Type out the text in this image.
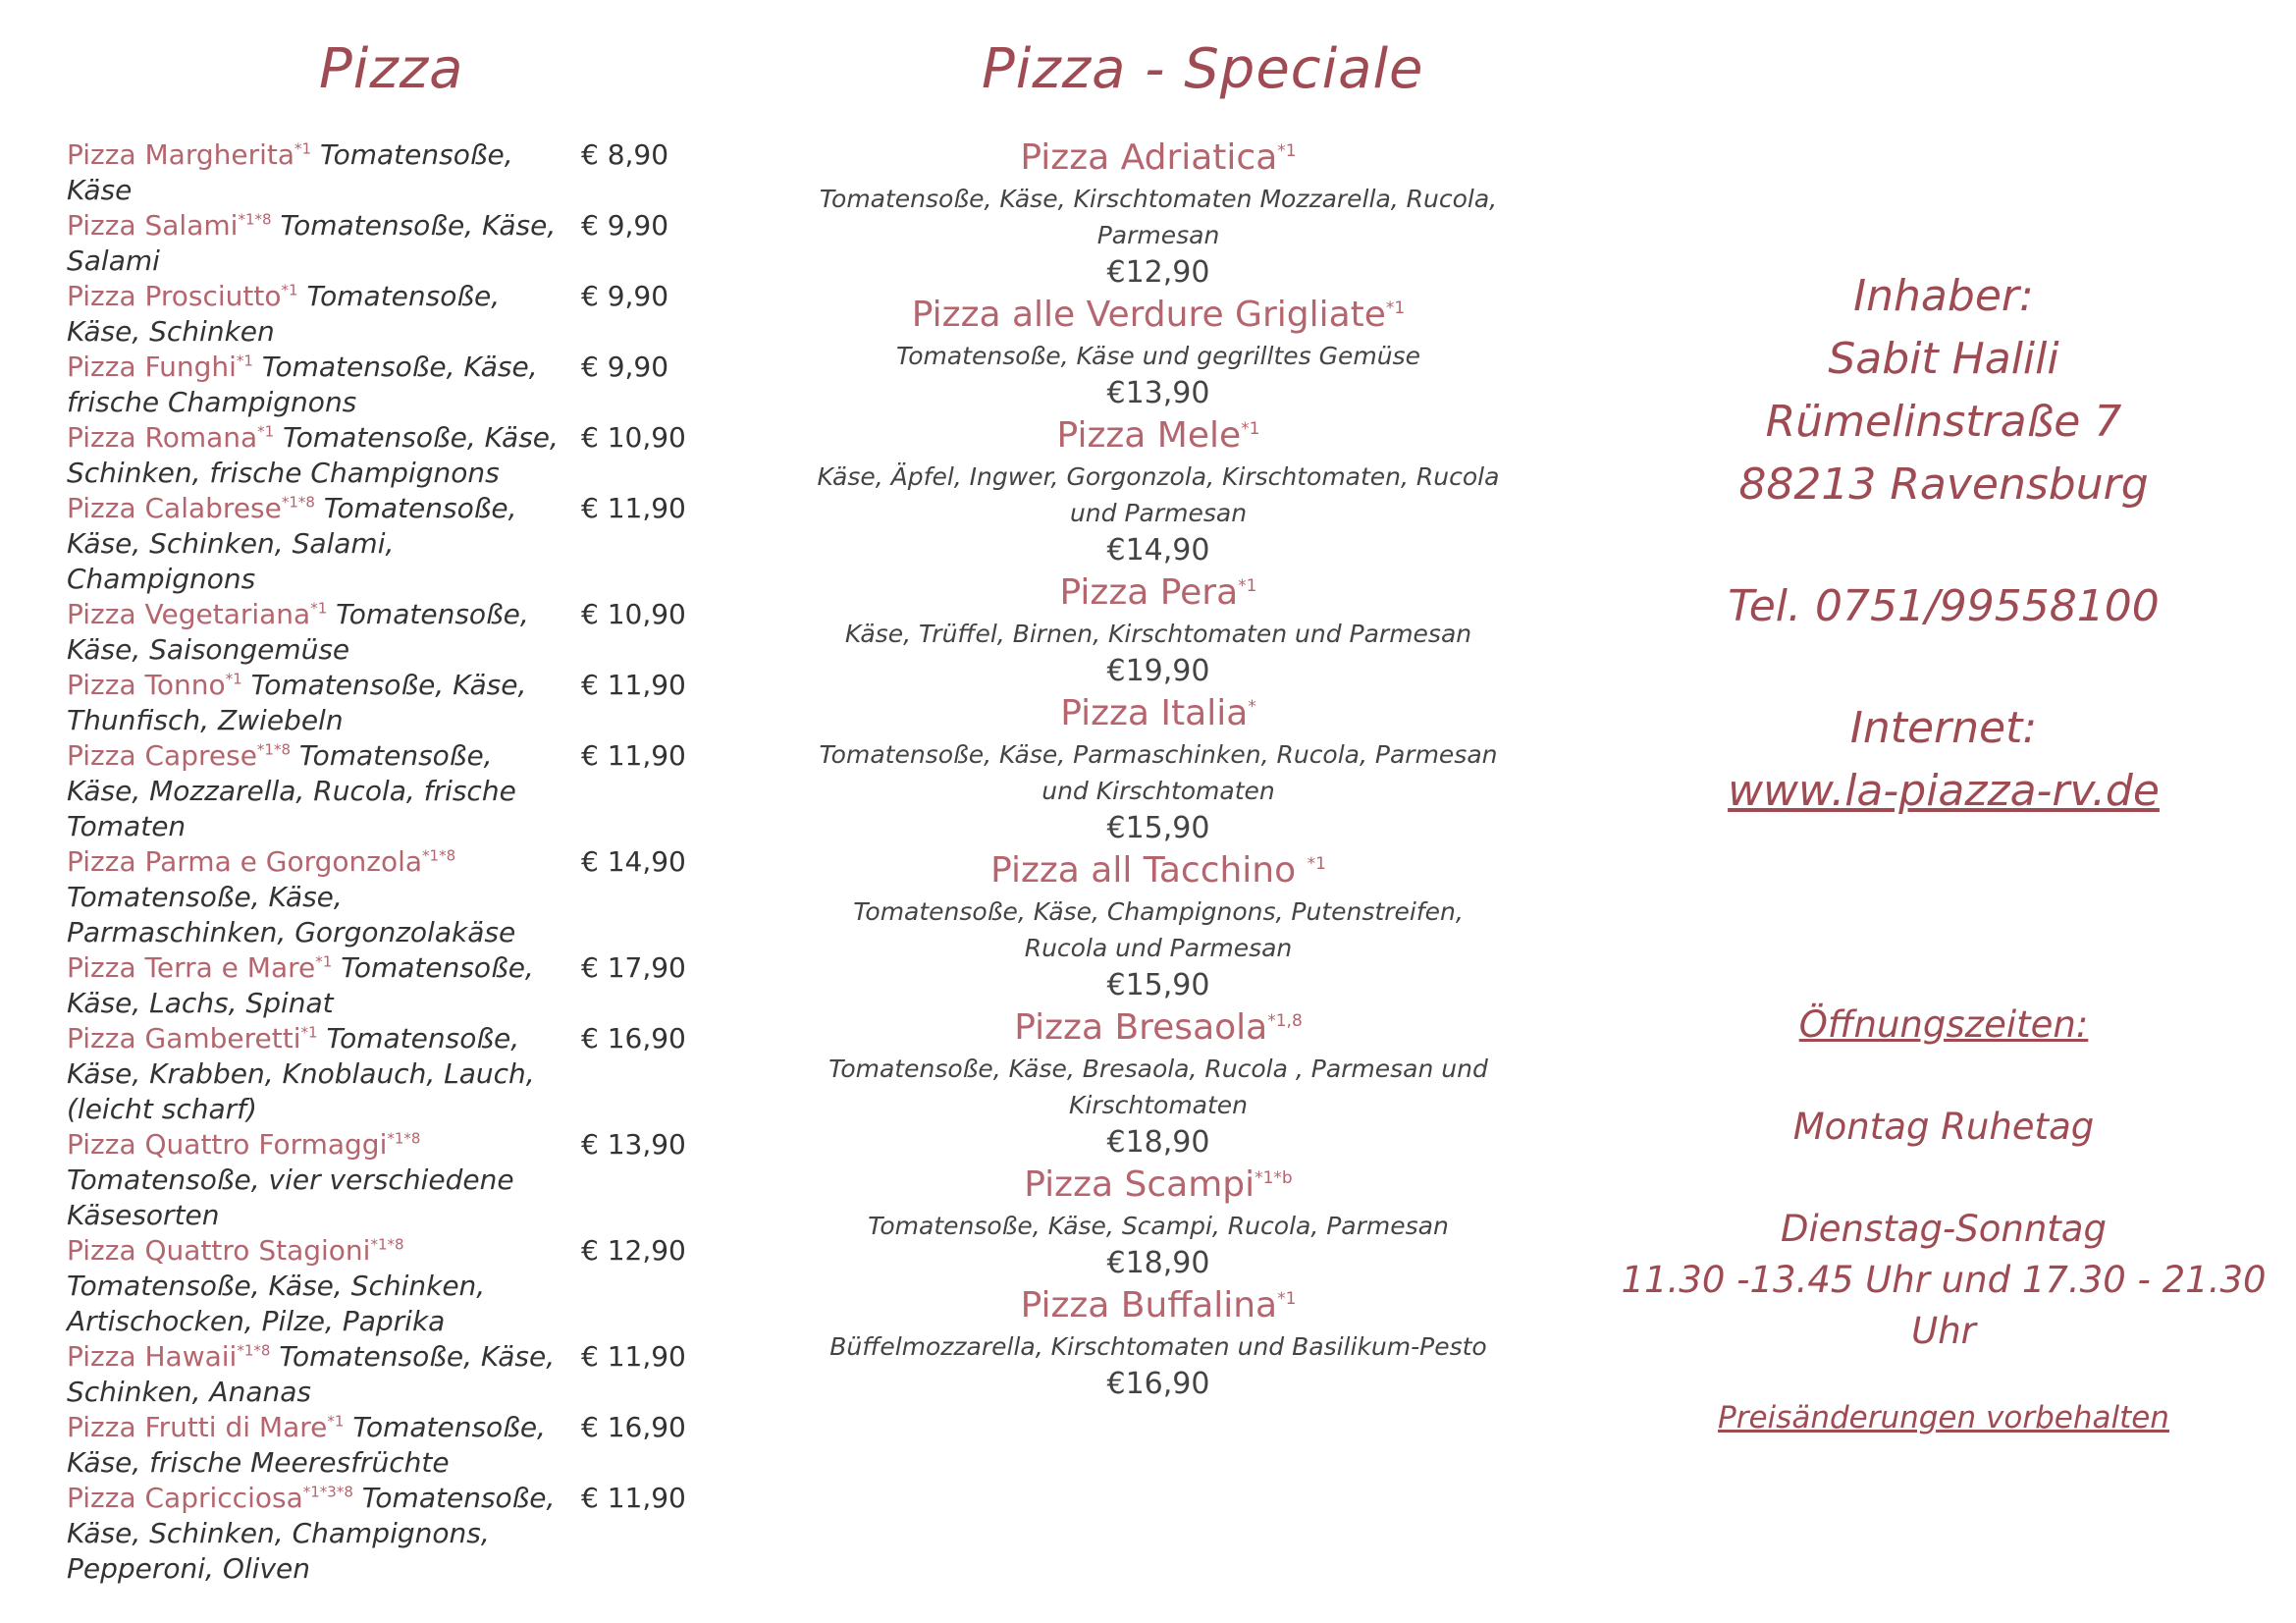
Pizza	Pizza - Speciale
Pizza Margherita$^{*1}$ Tomatensoße, Käse
€ 8,90
Pizza Salami$^{*1*8}$ Tomatensoße, Käse, Salami
€ 9,90
Pizza Prosciutto$^{*1}$ Tomatensoße, Käse, Schinken
€ 9,90
Pizza Funghi$^{*1}$ Tomatensoße, Käse, frische Champignons
€ 9,90
Pizza Romana$^{*1}$ Tomatensoße, Käse, Schinken, frische Champignons
€ 10,90
Pizza Calabrese$^{*1*8}$ Tomatensoße, Käse, Schinken, Salami, Champignons
€ 11,90
Pizza Vegetariana$^{*1}$ Tomatensoße, Käse, Saisongemüse
€ 10,90
Pizza Tonno$^{*1}$ Tomatensoße, Käse, Thunfisch, Zwiebeln
€ 11,90
Pizza Caprese$^{*1*8}$ Tomatensoße, Käse, Mozzarella, Rucola, frische Tomaten
€ 11,90
Pizza Parma e Gorgonzola$^{*1*8}$ Tomatensoße, Käse, Parmaschinken, Gorgonzolakäse
€ 14,90
Pizza Terra e Mare$^{*1}$ Tomatensoße, Käse, Lachs, Spinat
€ 17,90
Pizza Gamberetti$^{*1}$ Tomatensoße, Käse, Krabben, Knoblauch, Lauch, (leicht scharf)
€ 16,90
Pizza Quattro Formaggi$^{*1*8}$ Tomatensoße, vier verschiedene Käsesorten
€ 13,90
Pizza Quattro Stagioni$^{*1*8}$ Tomatensoße, Käse, Schinken, Artischocken, Pilze, Paprika
€ 12,90
Pizza Hawaii$^{*1*8}$ Tomatensoße, Käse, Schinken, Ananas
€ 11,90
Pizza Frutti di Mare$^{*1}$ Tomatensoße, Käse, frische Meeresfrüchte
€ 16,90
Pizza Capricciosa$^{*1*3*8}$ Tomatensoße, Käse, Schinken, Champignons, Pepperoni, Oliven
€ 11,90
Pizza Adriatica$^{*1}$
Tomatensoße, Käse, Kirschtomaten Mozzarella, Rucola, Parmesan
€12,90
Pizza alle Verdure Grigliate$^{*1}$
Tomatensoße, Käse und gegrilltes Gemüse
€13,90
Pizza Mele$^{*1}$
Käse, Äpfel, Ingwer, Gorgonzola, Kirschtomaten, Rucola und Parmesan
€14,90
Pizza Pera$^{*1}$
Käse, Trüffel, Birnen, Kirschtomaten und Parmesan
€19,90
Pizza Italia*
Tomatensoße, Käse, Parmaschinken, Rucola, Parmesan und Kirschtomaten
€15,90
Pizza all Tacchino $^{*1}$
Tomatensoße, Käse, Champignons, Putenstreifen, Rucola und Parmesan
€15,90
Pizza Bresaola$^{*1,8}$
Tomatensoße, Käse, Bresaola, Rucola , Parmesan und Kirschtomaten
€18,90
Pizza Scampi$^{*1*b}$
Tomatensoße, Käse, Scampi, Rucola, Parmesan
€18,90
Pizza Buffalina$^{*1}$
Büffelmozzarella, Kirschtomaten und Basilikum-Pesto
€16,90
Inhaber:
Sabit Halili
Rümelinstraße 7
88213 Ravensburg
Tel. 0751/99558100
Internet:
www.la-piazza-rv.de
Öffnungszeiten:
Montag Ruhetag
Dienstag-Sonntag
11.30 -13.45 Uhr und 17.30 - 21.30 Uhr
Preisänderungen vorbehalten
